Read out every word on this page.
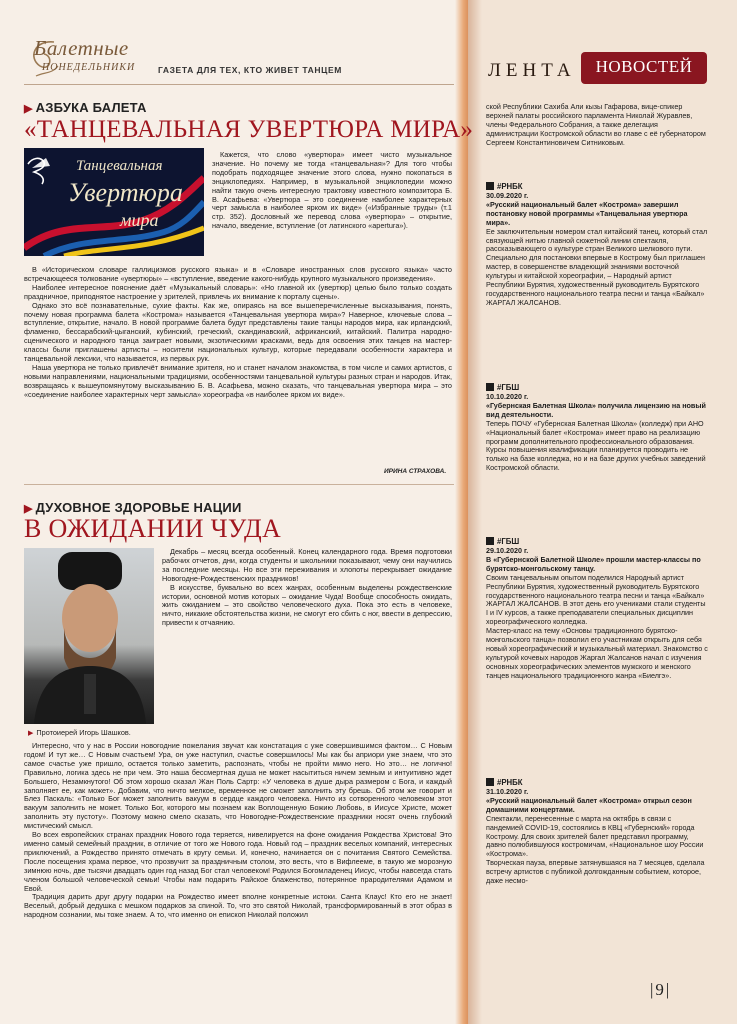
Балетные
ПОНЕДЕЛЬНИКИ	ГАЗЕТА ДЛЯ ТЕХ, КТО ЖИВЕТ ТАНЦЕМ	ЛЕНТА	НОВОСТЕЙ
▶ АЗБУКА БАЛЕТА
«ТАНЦЕВАЛЬНАЯ УВЕРТЮРА МИРА»
Танцевальная
Увертюра
мира

Кажется, что слово «увертюра» имеет чисто музыкальное значение. Но почему же тогда «танцевальная»? Для того чтобы подобрать подходящее значение этого слова, нужно покопаться в энциклопедиях. Например, в музыкальной энциклопедии можно найти такую очень интересную трактовку известного композитора Б. В. Асафьева: «Увертюра – это соединение наиболее характерных черт замысла в наиболее ярком их виде» («Избранные труды» (т.1 стр. 352). Дословный же перевод слова «увертюра» – открытие, начало, введение, вступление (от латинского «apertura»).

В «Историческом словаре галлицизмов русского языка» и в «Словаре иностранных слов русского языка» часто встречающееся толкование «увертюры» – «вступление, введение какого-нибудь крупного музыкального произведения».

Наиболее интересное пояснение даёт «Музыкальный словарь»: «Но главной их (увертюр) целью было только создать праздничное, приподнятое настроение у зрителей, привлечь их внимание к порталу сцены».

Однако это всё познавательные, сухие факты. Как же, опираясь на все вышеперечисленные высказывания, понять, почему новая программа балета «Кострома» называется «Танцевальная увертюра мира»? Наверное, ключевые слова – вступление, открытие, начало. В новой программе балета будут представлены такие танцы народов мира, как ирландский, фламенко, бессарабский-цыганский, кубинский, греческий, скандинавский, африканский, китайский. Палитра народно-сценического и народного танца заиграет новыми, экзотическими красками, ведь для освоения этих танцев на мастер-классы были приглашены артисты – носители национальных культур, которые передавали особенности характера и танцевальной лексики, что называется, из первых рук.

Наша увертюра не только привлечёт внимание зрителя, но и станет началом знакомства, в том числе и самих артистов, с новыми направлениями, национальными традициями, особенностями танцевальной культуры разных стран и народов. Итак, возвращаясь к вышеупомянутому высказыванию Б. В. Асафьева, можно сказать, что танцевальная увертюра мира – это «соединение наиболее характерных черт замысла» хореографа «в наиболее ярком их виде».

ИРИНА СТРАХОВА.
▶ ДУХОВНОЕ ЗДОРОВЬЕ НАЦИИ
В ОЖИДАНИИ ЧУДА
▶ Протоиерей Игорь Шашков.

Декабрь – месяц всегда особенный. Конец календарного года. Время подготовки рабочих отчетов, дни, когда студенты и школьники показывают, чему они научились за последние месяцы. Но все эти переживания и хлопоты перекрывает ожидание Новогодне-Рождественских праздников!

В искусстве, буквально во всех жанрах, особенным выделены рождественские истории, основной мотив которых – ожидание Чуда! Вообще способность ожидать, жить ожиданием – это свойство человеческого духа. Пока это есть в человеке, ничто, никакие обстоятельства жизни, не смогут его сбить с ног, ввести в депрессию, привести к отчаянию.

Интересно, что у нас в России новогодние пожелания звучат как констатация с уже совершившимся фактом… С Новым годом! И тут же… С Новым счастьем! Ура, он уже наступил, счастье совершилось! Мы как бы априори уже знаем, что это самое счастье уже пришло, остается только заметить, распознать, чтобы не пройти мимо него. Но это… не логично! Правильно, логика здесь не при чем. Это наша бессмертная душа не может насытиться ничем земным и интуитивно ждет Большего, Незамкнутого! Об этом хорошо сказал Жан Поль Сартр: «У человека в душе дыра размером с Бога, и каждый заполняет ее, как может». Добавим, что ничто мелкое, временное не сможет заполнить эту брешь. Об этом же говорит и Блез Паскаль: «Только Бог может заполнить вакуум в сердце каждого человека. Ничто из сотворенного человеком этот вакуум заполнить не может. Только Бог, которого мы познаем как Воплощенную Божию Любовь, в Иисусе Христе, может заполнить эту пустоту». Поэтому можно смело сказать, что Новогодне-Рождественские праздники носят очень глубокий мистический смысл.

Во всех европейских странах праздник Нового года теряется, нивелируется на фоне ожидания Рождества Христова! Это именно самый семейный праздник, в отличие от того же Нового года. Новый год – праздник веселых компаний, интересных приключений, а Рождество принято отмечать в кругу семьи. И, конечно, начинается он с почитания Святого Семейства. После посещения храма первое, что прозвучит за праздничным столом, это весть, что в Вифлееме, в такую же морозную зимнюю ночь, две тысячи двадцать один год назад Бог стал человеком! Родился Богомладенец Иисус, чтобы навсегда стать членом большой человеческой семьи! Чтобы нам подарить Райское блаженство, потерянное прародителями Адамом и Евой.

Традиция дарить друг другу подарки на Рождество имеет вполне конкретные истоки. Санта Клаус! Кто его не знает! Веселый, добрый дедушка с мешком подарков за спиной. То, что это святой Николай, трансформированный в этот образ в народном сознании, мы тоже знаем. А то, что именно он епископ Николай положил

ской Республики Сахиба Али кызы Гафарова, вице-спикер верхней палаты российского парламента Николай Журавлев, члены Федерального Собрания, а также делегация администрации Костромской области во главе с её губернатором Сергеем Константиновичем Ситниковым.

#РНБК

30.09.2020 г.

«Русский национальный балет «Кострома» завершил постановку новой программы «Танцевальная увертюра мира».

Ее заключительным номером стал китайский танец, который стал связующей нитью главной сюжетной линии спектакля, рассказывающего о культуре стран Великого шелкового пути. Специально для постановки впервые в Кострому был приглашен мастер, в совершенстве владеющий знаниями восточной культуры и китайской хореографии, – Народный артист Республики Бурятия, художественный руководитель Бурятского государственного национального театра песни и танца «Байкал» ЖАРГАЛ ЖАЛСАНОВ.

#ГБШ

10.10.2020 г.

«Губернская Балетная Школа» получила лицензию на новый вид деятельности.

Теперь ПОЧУ «Губернская Балетная Школа» (колледж) при АНО «Национальный балет «Кострома» имеет право на реализацию программ дополнительного профессионального образования. Курсы повышения квалификации планируется проводить не только на базе колледжа, но и на базе других учебных заведений Костромской области.

#ГБШ

29.10.2020 г.

В «Губернской Балетной Школе» прошли мастер-классы по бурятско-монгольскому танцу.

Своим танцевальным опытом поделился Народный артист Республики Бурятия, художественный руководитель Бурятского государственного национального театра песни и танца «Байкал» ЖАРГАЛ ЖАЛСАНОВ. В этот день его учениками стали студенты I и IV курсов, а также преподаватели специальных дисциплин хореографического колледжа.

Мастер-класс на тему «Основы традиционного бурятско-монгольского танца» позволил его участникам открыть для себя новый хореографический и музыкальный материал. Знакомство с культурой кочевых народов Жаргал Жалсанов начал с изучения основных хореографических элементов мужского и женского танцев национального традиционного жанра «Биелгэ».

#РНБК

31.10.2020 г.

«Русский национальный балет «Кострома» открыл сезон домашними концертами.

Спектакли, перенесенные с марта на октябрь в связи с пандемией COVID-19, состоялись в КВЦ «Губернский» города Кострому. Для своих зрителей балет представил программу, давно полюбившуюся костромичам, «Национальное шоу России «Кострома».

Творческая пауза, впервые затянувшаяся на 7 месяцев, сделала встречу артистов с публикой долгожданным событием, которое, даже несмо-

|9|
